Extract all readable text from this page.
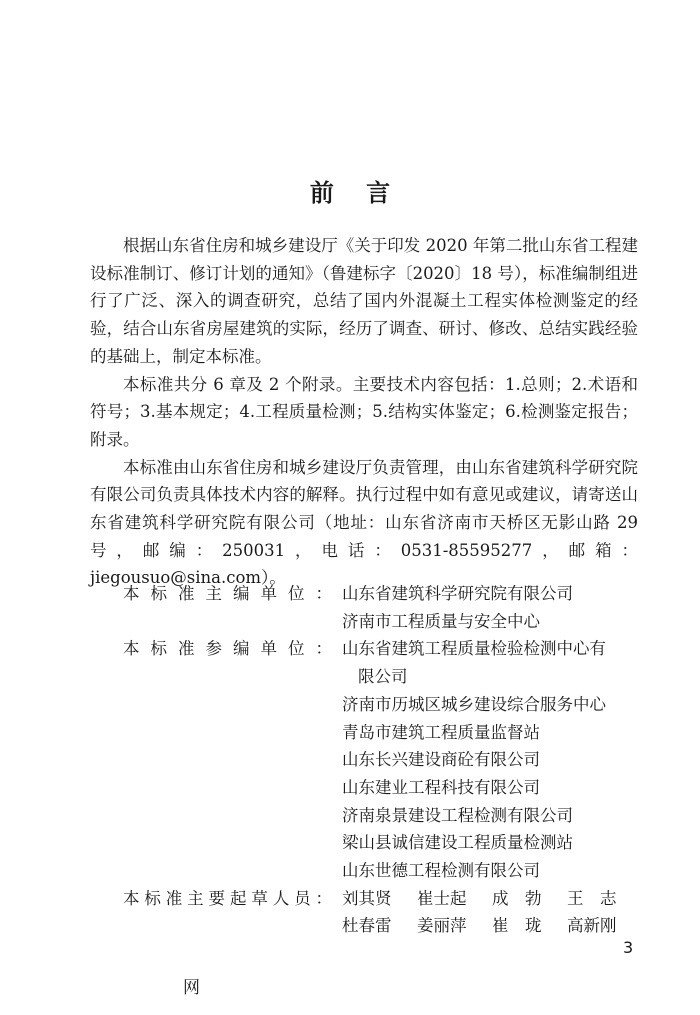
前 言

根据山东省住房和城乡建设厅《关于印发 2020 年第二批山东省工程建设标准制订、修订计划的通知》（鲁建标字〔2020〕18 号），标准编制组进行了广泛、深入的调查研究，总结了国内外混凝土工程实体检测鉴定的经验，结合山东省房屋建筑的实际，经历了调查、研讨、修改、总结实践经验的基础上，制定本标准。

本标准共分 6 章及 2 个附录。主要技术内容包括：1.总则；2.术语和符号；3.基本规定；4.工程质量检测；5.结构实体鉴定；6.检测鉴定报告；附录。

本标准由山东省住房和城乡建设厅负责管理，由山东省建筑科学研究院有限公司负责具体技术内容的解释。执行过程中如有意见或建议，请寄送山东省建筑科学研究院有限公司（地址：山东省济南市天桥区无影山路 29 号，邮编：250031，电话：0531-85595277，邮箱：jiegousuo@sina.com）。

本标准主编单位： 山东省建筑科学研究院有限公司
济南市工程质量与安全中心
本标准参编单位： 山东省建筑工程质量检验检测中心有
限公司
济南市历城区城乡建设综合服务中心
青岛市建筑工程质量监督站
山东长兴建设商砼有限公司
山东建业工程科技有限公司
济南泉景建设工程检测有限公司
梁山县诚信建设工程质量检测站
山东世德工程检测有限公司
本标准主要起草人员： 刘其贤	崔士起	成　勃	王　志
杜春雷	姜丽萍	崔　珑	高新刚
3
网
